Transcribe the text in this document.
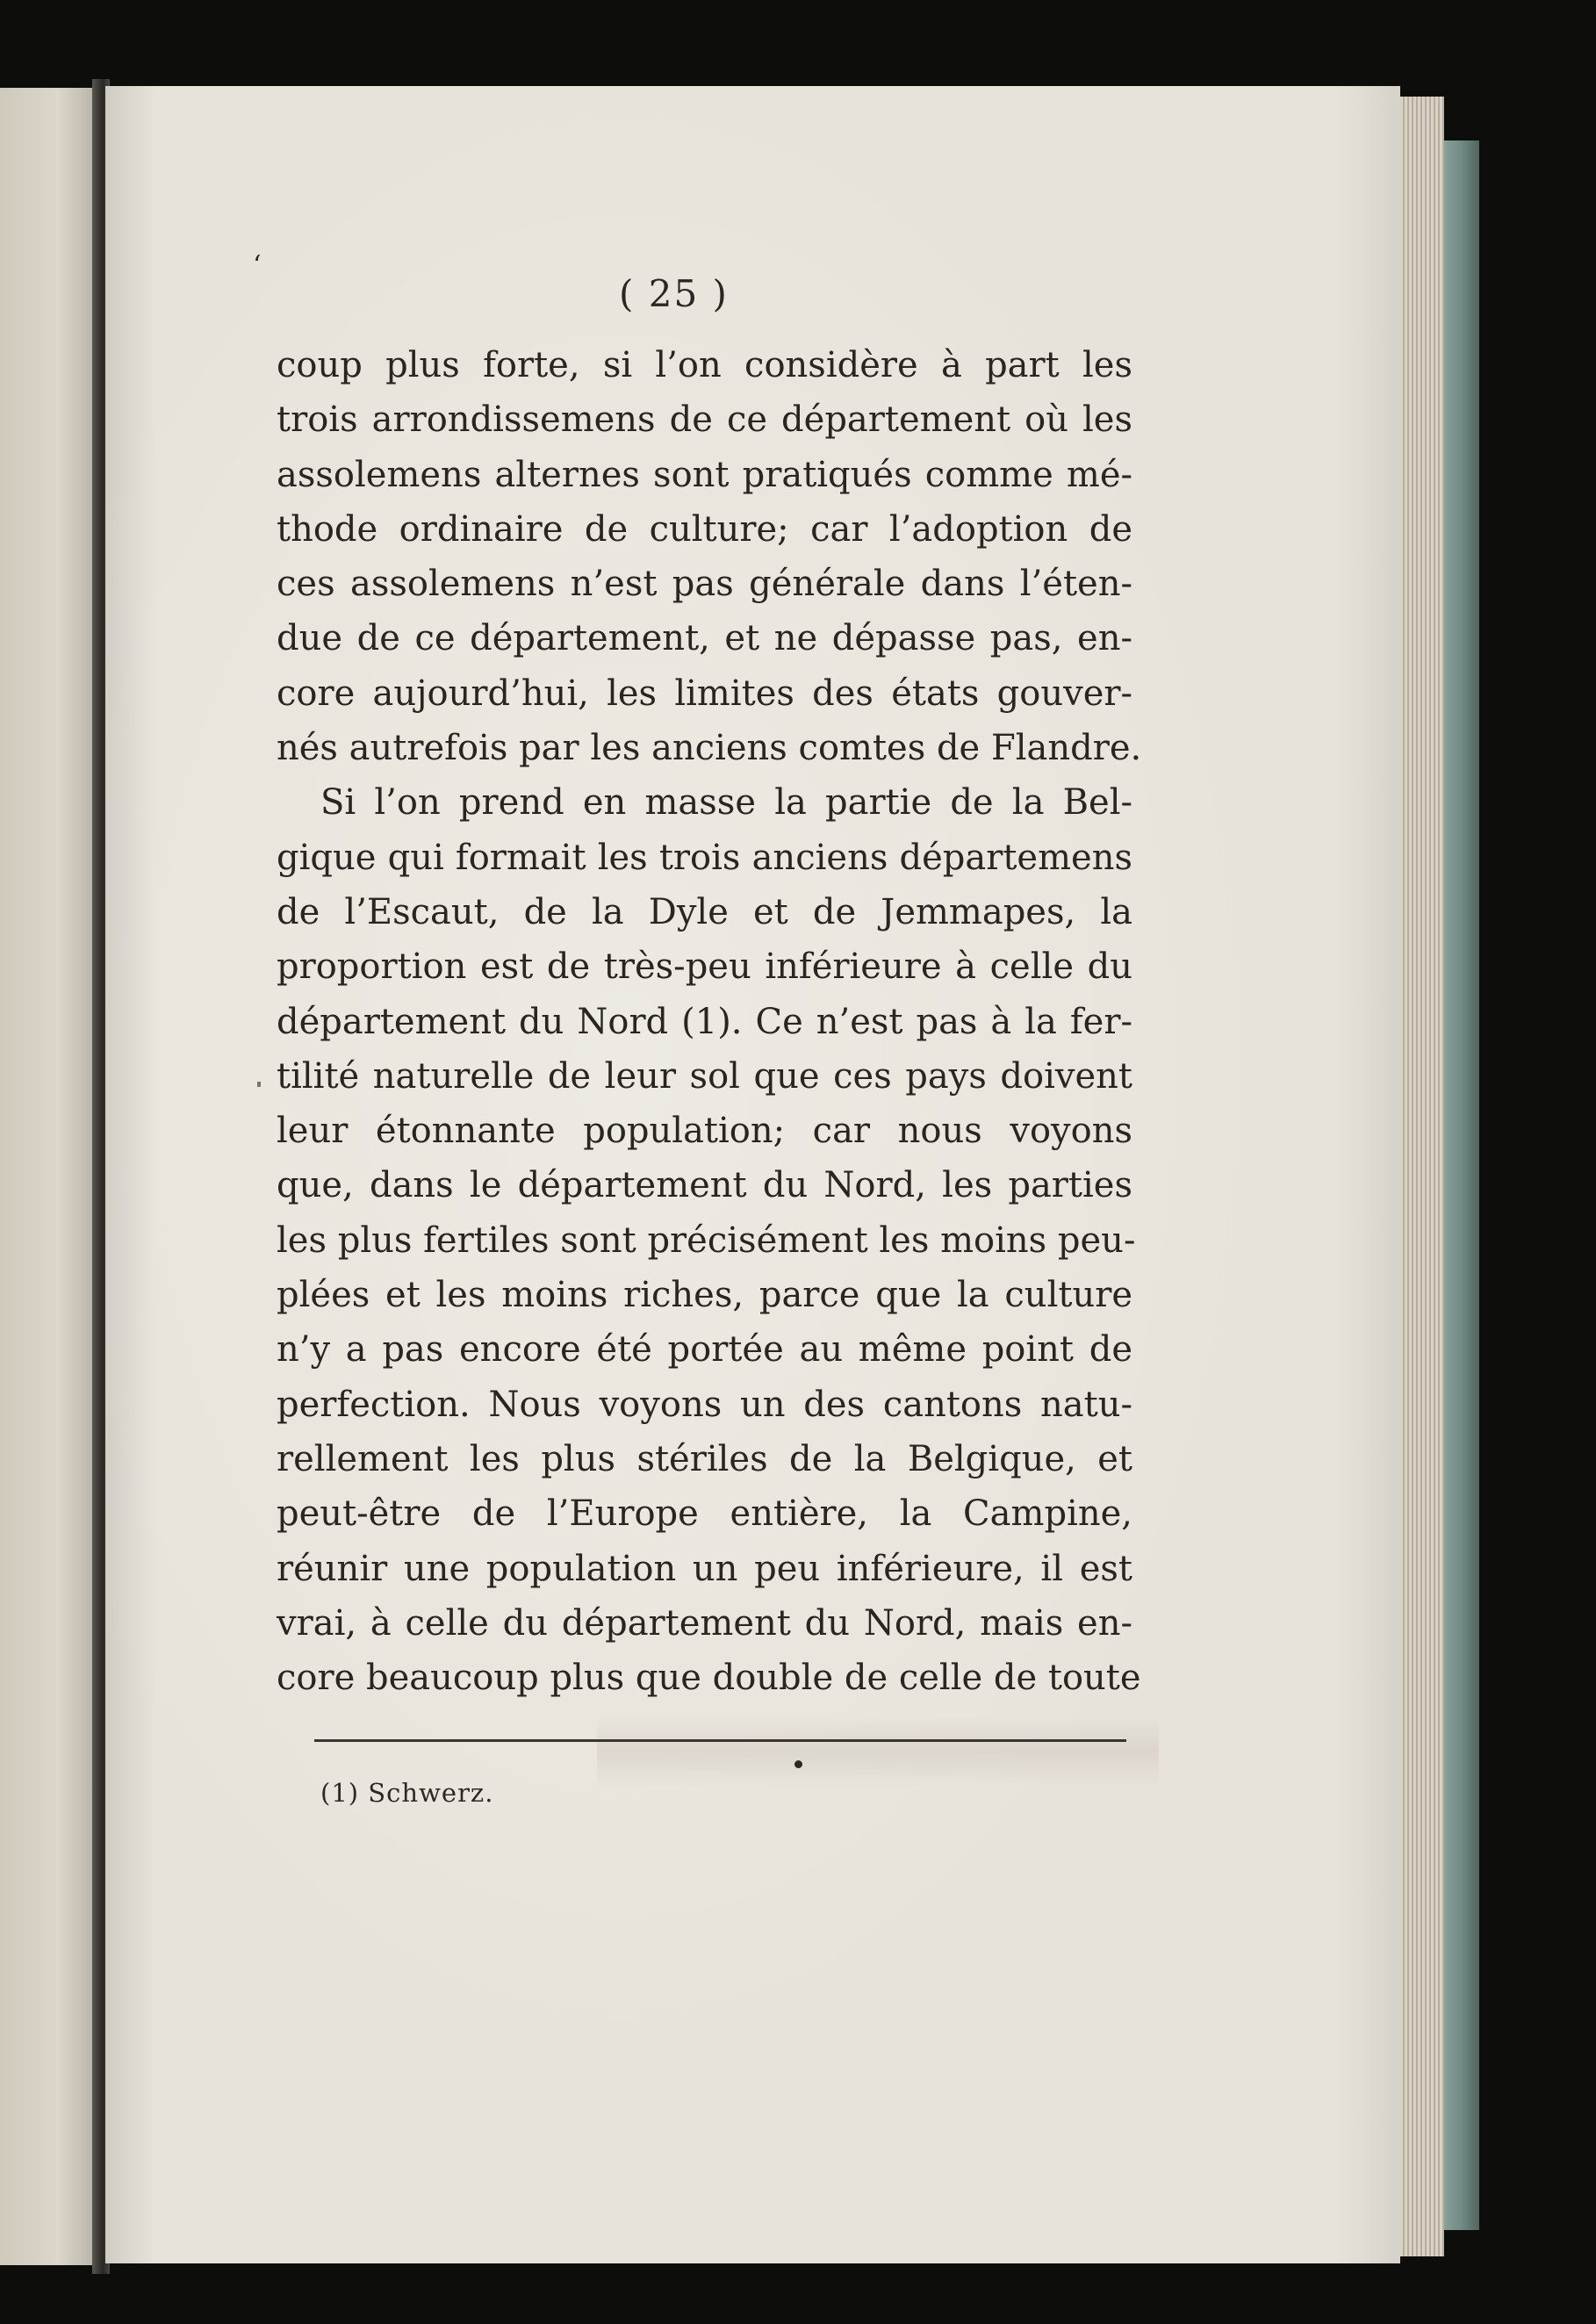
‘
( 25 )
coup plus forte, si l’on considère à part les
trois arrondissemens de ce département où les
assolemens alternes sont pratiqués comme mé-
thode ordinaire de culture; car l’adoption de
ces assolemens n’est pas générale dans l’éten-
due de ce département, et ne dépasse pas, en-
core aujourd’hui, les limites des états gouver-
nés autrefois par les anciens comtes de Flandre.
Si l’on prend en masse la partie de la Bel-
gique qui formait les trois anciens départemens
de l’Escaut, de la Dyle et de Jemmapes, la
proportion est de très-peu inférieure à celle du
département du Nord (1). Ce n’est pas à la fer-
tilité naturelle de leur sol que ces pays doivent
leur étonnante population; car nous voyons
que, dans le département du Nord, les parties
les plus fertiles sont précisément les moins peu-
plées et les moins riches, parce que la culture
n’y a pas encore été portée au même point de
perfection. Nous voyons un des cantons natu-
rellement les plus stériles de la Belgique, et
peut-être de l’Europe entière, la Campine,
réunir une population un peu inférieure, il est
vrai, à celle du département du Nord, mais en-
core beaucoup plus que double de celle de toute
(1) Schwerz.
